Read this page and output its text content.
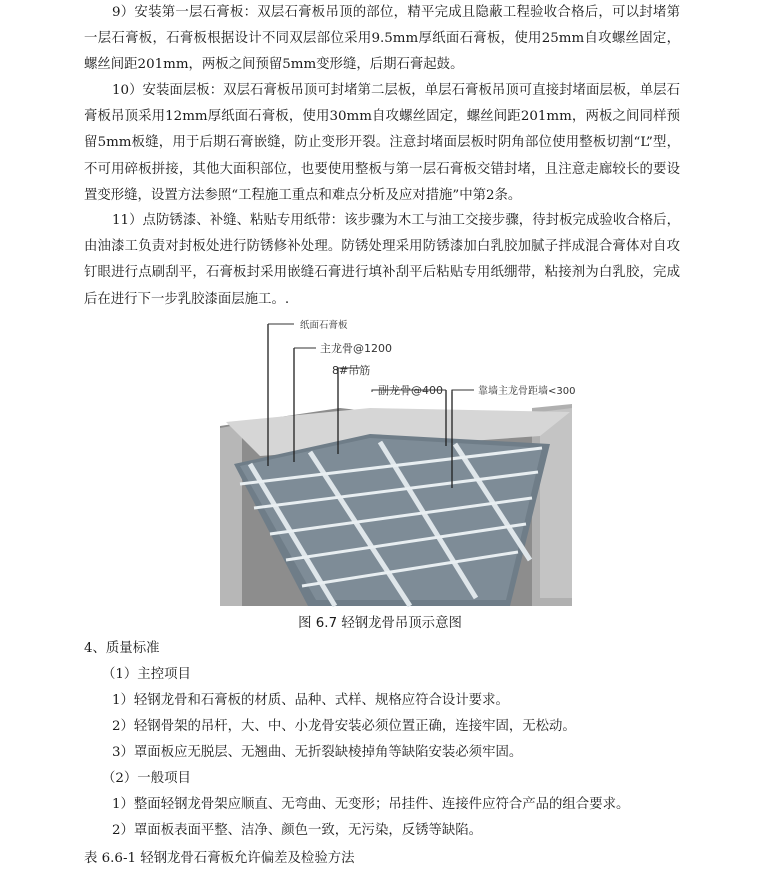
9）安装第一层石膏板：双层石膏板吊顶的部位，精平完成且隐蔽工程验收合格后，可以封堵第一层石膏板，石膏板根据设计不同双层部位采用9.5mm厚纸面石膏板，使用25mm自攻螺丝固定，螺丝间距201mm，两板之间预留5mm变形缝，后期石膏起鼓。
10）安装面层板：双层石膏板吊顶可封堵第二层板，单层石膏板吊顶可直接封堵面层板，单层石膏板吊顶采用12mm厚纸面石膏板，使用30mm自攻螺丝固定，螺丝间距201mm，两板之间同样预留5mm板缝，用于后期石膏嵌缝，防止变形开裂。注意封堵面层板时阴角部位使用整板切割“L”型，不可用碎板拼接，其他大面积部位，也要使用整板与第一层石膏板交错封堵，且注意走廊较长的要设置变形缝，设置方法参照“工程施工重点和难点分析及应对措施”中第2条。
11）点防锈漆、补缝、粘贴专用纸带：该步骤为木工与油工交接步骤，待封板完成验收合格后，由油漆工负责对封板处进行防锈修补处理。防锈处理采用防锈漆加白乳胶加腻子拌成混合膏体对自攻钉眼进行点刷刮平，石膏板封采用嵌缝石膏进行填补刮平后粘贴专用纸绷带，粘接剂为白乳胶，完成后在进行下一步乳胶漆面层施工。.
纸面石膏板
主龙骨@1200
8#吊筋
副龙骨@400	靠墙主龙骨距墙<300
图 6.7 轻钢龙骨吊顶示意图
4、质量标准
（1）主控项目
1）轻钢龙骨和石膏板的材质、品种、式样、规格应符合设计要求。
2）轻钢骨架的吊杆，大、中、小龙骨安装必须位置正确，连接牢固，无松动。
3）罩面板应无脱层、无翘曲、无折裂缺棱掉角等缺陷安装必须牢固。
（2）一般项目
1）整面轻钢龙骨架应顺直、无弯曲、无变形；吊挂件、连接件应符合产品的组合要求。
2）罩面板表面平整、洁净、颜色一致，无污染，反锈等缺陷。
表 6.6-1 轻钢龙骨石膏板允许偏差及检验方法
